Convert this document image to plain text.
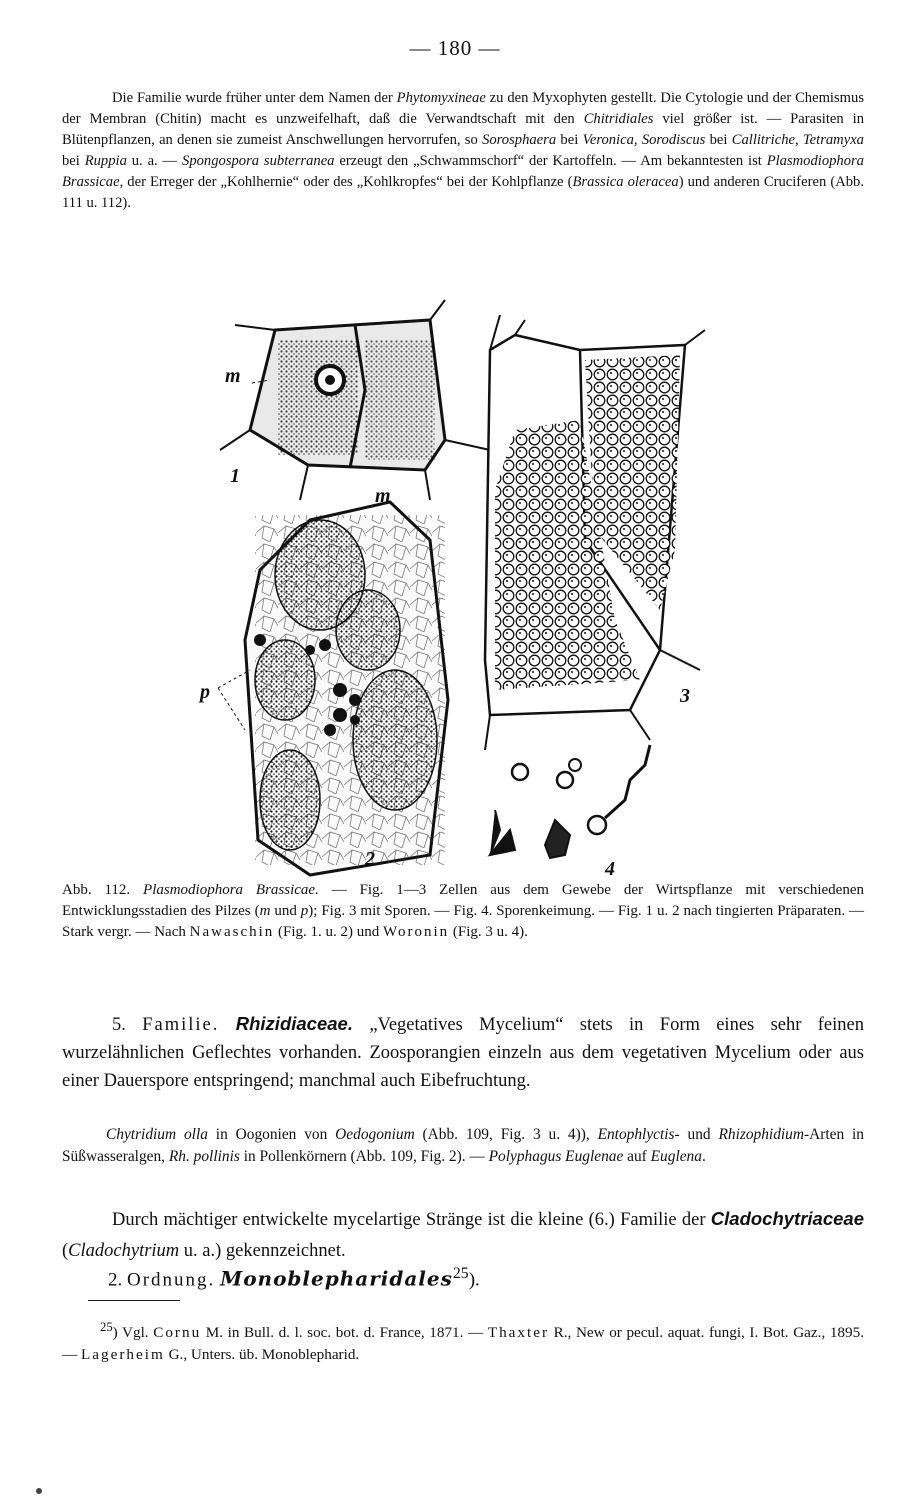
— 180 —

Die Familie wurde früher unter dem Namen der Phytomyxineae zu den Myxophyten gestellt. Die Cytologie und der Chemismus der Membran (Chitin) macht es unzweifelhaft, daß die Verwandtschaft mit den Chitridiales viel größer ist. — Parasiten in Blütenpflanzen, an denen sie zumeist Anschwellungen hervorrufen, so Sorosphaera bei Veronica, Sorodiscus bei Callitriche, Tetramyxa bei Ruppia u. a. — Spongospora subterranea erzeugt den „Schwammschorf“ der Kartoffeln. — Am bekanntesten ist Plasmodiophora Brassicae, der Erreger der „Kohlhernie“ oder des „Kohlkropfes“ bei der Kohlpflanze (Brassica oleracea) und anderen Cruciferen (Abb. 111 u. 112).

m
m
1
p
2
3
4

Abb. 112. Plasmodiophora Brassicae. — Fig. 1—3 Zellen aus dem Gewebe der Wirtspflanze mit verschiedenen Entwicklungsstadien des Pilzes (m und p); Fig. 3 mit Sporen. — Fig. 4. Sporenkeimung. — Fig. 1 u. 2 nach tingierten Präparaten. — Stark vergr. — Nach Nawaschin (Fig. 1. u. 2) und Woronin (Fig. 3 u. 4).

5. Familie. Rhizidiaceae. „Vegetatives Mycelium“ stets in Form eines sehr feinen wurzelähnlichen Geflechtes vorhanden. Zoosporangien einzeln aus dem vegetativen Mycelium oder aus einer Dauerspore entspringend; manchmal auch Eibefruchtung.

Chytridium olla in Oogonien von Oedogonium (Abb. 109, Fig. 3 u. 4)), Entophlyctis- und Rhizophidium-Arten in Süßwasseralgen, Rh. pollinis in Pollenkörnern (Abb. 109, Fig. 2). — Polyphagus Euglenae auf Euglena.

Durch mächtiger entwickelte mycelartige Stränge ist die kleine (6.) Familie der Cladochytriaceae (Cladochytrium u. a.) gekennzeichnet.

2. Ordnung. Monoblepharidales$^{25}$).

$^{25}$) Vgl. Cornu M. in Bull. d. l. soc. bot. d. France, 1871. — Thaxter R., New or pecul. aquat. fungi, I. Bot. Gaz., 1895. — Lagerheim G., Unters. üb. Monoblepharid.
